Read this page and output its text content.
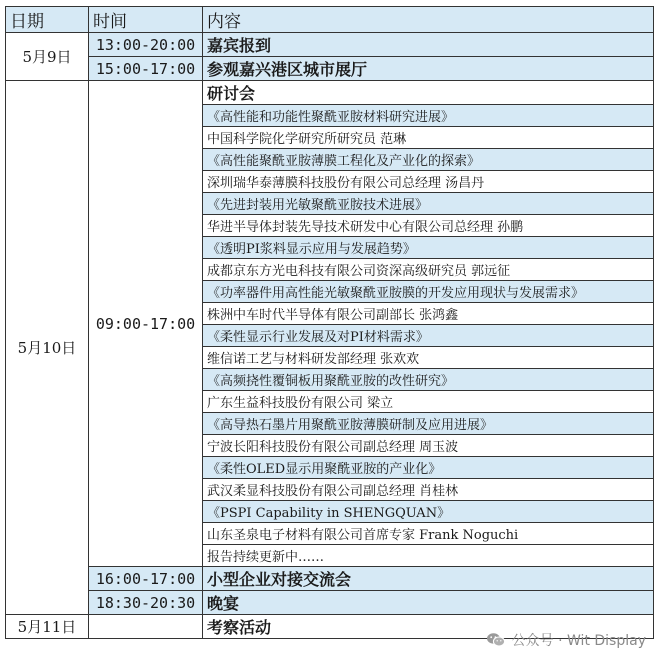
日期	时间	内容
5月9日	13:00-20:00	嘉宾报到
	15:00-17:00	参观嘉兴港区城市展厅
5月10日	09:00-17:00	研讨会
		《高性能和功能性聚酰亚胺材料研究进展》
		中国科学院化学研究所研究员 范琳
		《高性能聚酰亚胺薄膜工程化及产业化的探索》
		深圳瑞华泰薄膜科技股份有限公司总经理 汤昌丹
		《先进封装用光敏聚酰亚胺技术进展》
		华进半导体封装先导技术研发中心有限公司总经理 孙鹏
		《透明PI浆料显示应用与发展趋势》
		成都京东方光电科技有限公司资深高级研究员 郭远征
		《功率器件用高性能光敏聚酰亚胺膜的开发应用现状与发展需求》
		株洲中车时代半导体有限公司副部长 张鸿鑫
		《柔性显示行业发展及对PI材料需求》
		维信诺工艺与材料研发部经理 张欢欢
		《高频挠性覆铜板用聚酰亚胺的改性研究》
		广东生益科技股份有限公司 梁立
		《高导热石墨片用聚酰亚胺薄膜研制及应用进展》
		宁波长阳科技股份有限公司副总经理 周玉波
		《柔性OLED显示用聚酰亚胺的产业化》
		武汉柔显科技股份有限公司副总经理 肖桂林
		《PSPI Capability in SHENGQUAN》
		山东圣泉电子材料有限公司首席专家 Frank Noguchi
		报告持续更新中……
	16:00-17:00	小型企业对接交流会
	18:30-20:30	晚宴
5月11日		考察活动
公众号 · Wit Display
